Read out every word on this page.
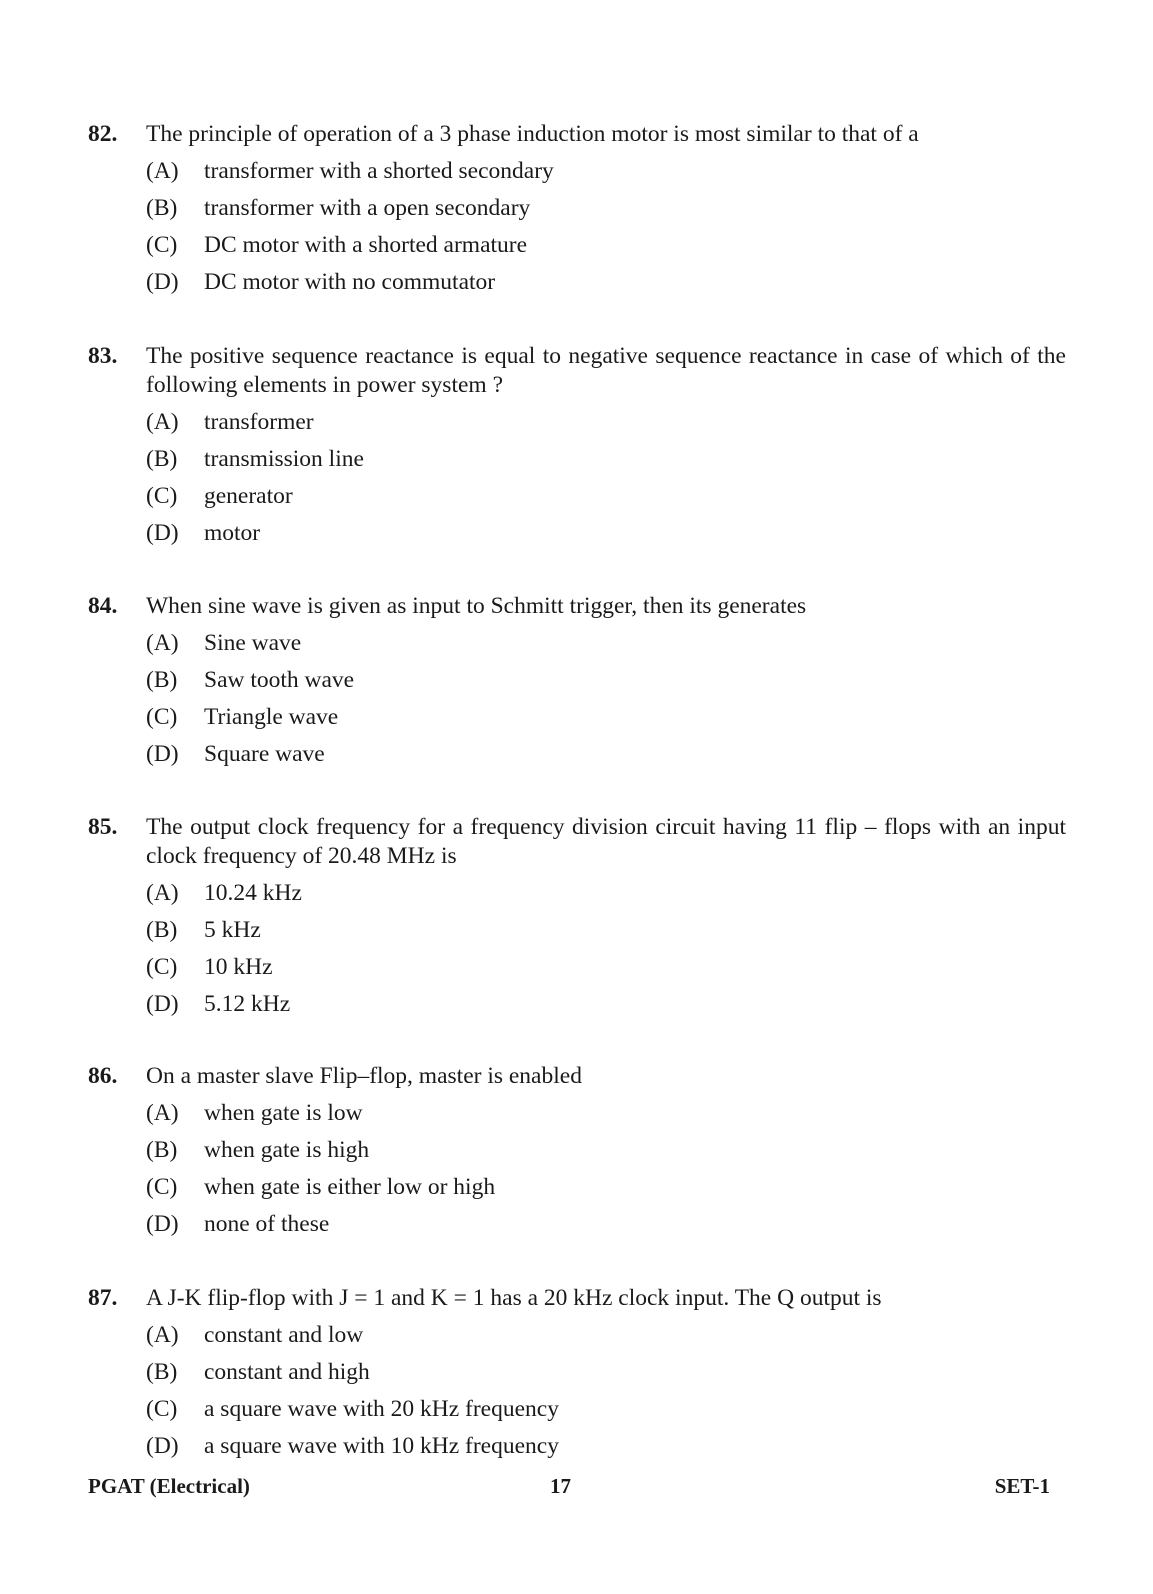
82.	The principle of operation of a 3 phase induction motor is most similar to that of a
(A)	transformer with a shorted secondary
(B)	transformer with a open secondary
(C)	DC motor with a shorted armature
(D)	DC motor with no commutator
83.	The positive sequence reactance is equal to negative sequence reactance in case of which of the following elements in power system ?
(A)	transformer
(B)	transmission line
(C)	generator
(D)	motor
84.	When sine wave is given as input to Schmitt trigger, then its generates
(A)	Sine wave
(B)	Saw tooth wave
(C)	Triangle wave
(D)	Square wave
85.	The output clock frequency for a frequency division circuit having 11 flip – flops with an input clock frequency of 20.48 MHz is
(A)	10.24 kHz
(B)	5 kHz
(C)	10 kHz
(D)	5.12 kHz
86.	On a master slave Flip–flop, master is enabled
(A)	when gate is low
(B)	when gate is high
(C)	when gate is either low or high
(D)	none of these
87.	A J-K flip-flop with J = 1 and K = 1 has a 20 kHz clock input. The Q output is
(A)	constant and low
(B)	constant and high
(C)	a square wave with 20 kHz frequency
(D)	a square wave with 10 kHz frequency
PGAT (Electrical)	17	SET-1
